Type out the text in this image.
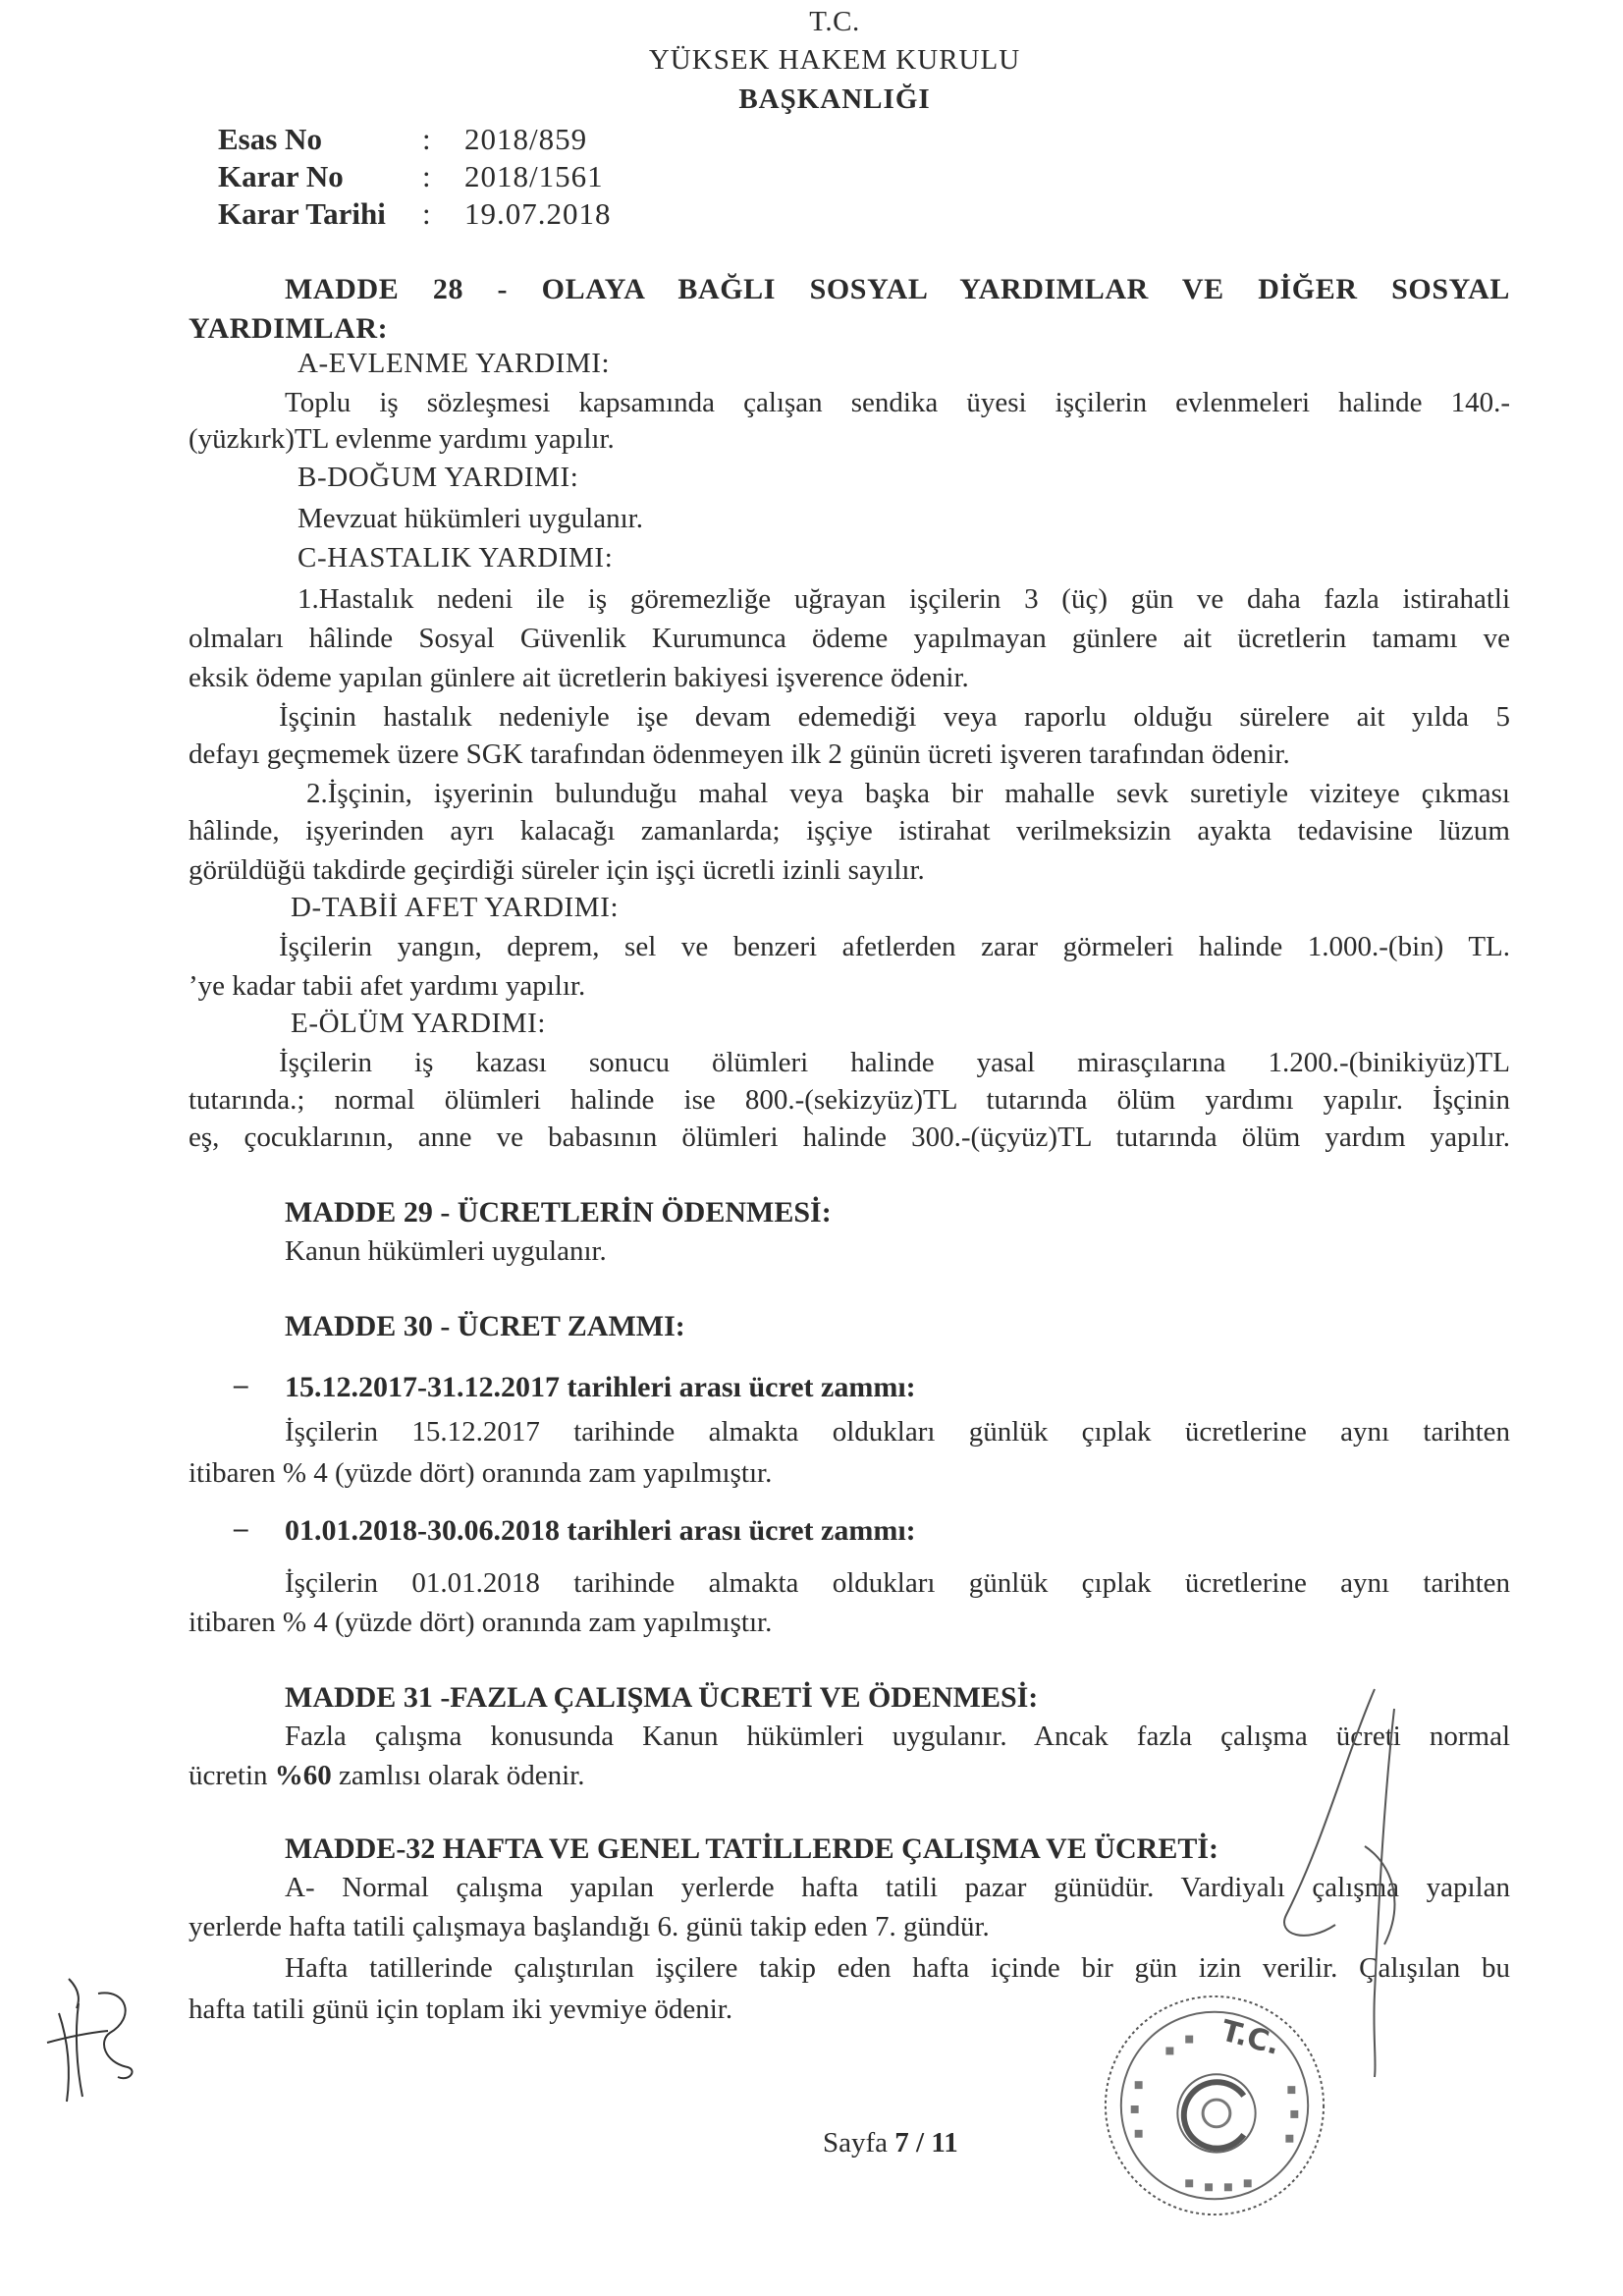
T.C.
YÜKSEK HAKEM KURULU
BAŞKANLIĞI
Esas No	: 2018/859
Karar No	: 2018/1561
Karar Tarihi : 19.07.2018
MADDE 28 - OLAYA BAĞLI SOSYAL YARDIMLAR VE DİĞER SOSYAL
YARDIMLAR:
A-EVLENME YARDIMI:
Toplu iş sözleşmesi kapsamında çalışan sendika üyesi işçilerin evlenmeleri halinde 140.-
(yüzkırk)TL evlenme yardımı yapılır.
B-DOĞUM YARDIMI:
Mevzuat hükümleri uygulanır.
C-HASTALIK YARDIMI:
1.Hastalık nedeni ile iş göremezliğe uğrayan işçilerin 3 (üç) gün ve daha fazla istirahatli
olmaları hâlinde Sosyal Güvenlik Kurumunca ödeme yapılmayan günlere ait ücretlerin tamamı ve
eksik ödeme yapılan günlere ait ücretlerin bakiyesi işverence ödenir.
İşçinin hastalık nedeniyle işe devam edemediği veya raporlu olduğu sürelere ait yılda 5
defayı geçmemek üzere SGK tarafından ödenmeyen ilk 2 günün ücreti işveren tarafından ödenir.
2.İşçinin, işyerinin bulunduğu mahal veya başka bir mahalle sevk suretiyle viziteye çıkması
hâlinde, işyerinden ayrı kalacağı zamanlarda; işçiye istirahat verilmeksizin ayakta tedavisine lüzum
görüldüğü takdirde geçirdiği süreler için işçi ücretli izinli sayılır.
D-TABİİ AFET YARDIMI:
İşçilerin yangın, deprem, sel ve benzeri afetlerden zarar görmeleri halinde 1.000.-(bin) TL.
’ye kadar tabii afet yardımı yapılır.
E-ÖLÜM YARDIMI:
İşçilerin iş kazası sonucu ölümleri halinde yasal mirasçılarına 1.200.-(binikiyüz)TL
tutarında.; normal ölümleri halinde ise 800.-(sekizyüz)TL tutarında ölüm yardımı yapılır. İşçinin
eş, çocuklarının, anne ve babasının ölümleri halinde 300.-(üçyüz)TL tutarında ölüm yardım yapılır.
MADDE 29 - ÜCRETLERİN ÖDENMESİ:
Kanun hükümleri uygulanır.
MADDE 30 - ÜCRET ZAMMI:
– 15.12.2017-31.12.2017 tarihleri arası ücret zammı:
İşçilerin 15.12.2017 tarihinde almakta oldukları günlük çıplak ücretlerine aynı tarihten
itibaren % 4 (yüzde dört) oranında zam yapılmıştır.
– 01.01.2018-30.06.2018 tarihleri arası ücret zammı:
İşçilerin 01.01.2018 tarihinde almakta oldukları günlük çıplak ücretlerine aynı tarihten
itibaren % 4 (yüzde dört) oranında zam yapılmıştır.
MADDE 31 -FAZLA ÇALIŞMA ÜCRETİ VE ÖDENMESİ:
Fazla çalışma konusunda Kanun hükümleri uygulanır. Ancak fazla çalışma ücreti normal
ücretin %60 zamlısı olarak ödenir.
MADDE-32 HAFTA VE GENEL TATİLLERDE ÇALIŞMA VE ÜCRETİ:
A- Normal çalışma yapılan yerlerde hafta tatili pazar günüdür. Vardiyalı çalışma yapılan
yerlerde hafta tatili çalışmaya başlandığı 6. günü takip eden 7. gündür.
Hafta tatillerinde çalıştırılan işçilere takip eden hafta içinde bir gün izin verilir. Çalışılan bu
hafta tatili günü için toplam iki yevmiye ödenir.
Sayfa 7 / 11
T.C.
